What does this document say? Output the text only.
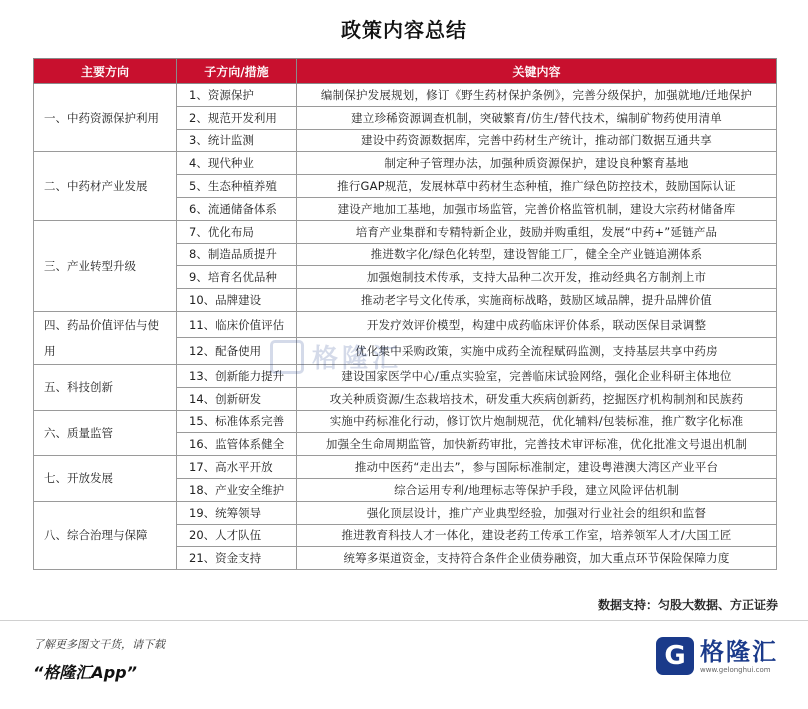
政策内容总结
主要方向	子方向/措施	关键内容
一、中药资源保护利用	1、资源保护	编制保护发展规划，修订《野生药材保护条例》，完善分级保护，加强就地/迁地保护
	2、规范开发利用	建立珍稀资源调查机制，突破繁育/仿生/替代技术，编制矿物药使用清单
	3、统计监测	建设中药资源数据库，完善中药材生产统计，推动部门数据互通共享
二、中药材产业发展	4、现代种业	制定种子管理办法，加强种质资源保护，建设良种繁育基地
	5、生态种植养殖	推行GAP规范，发展林草中药材生态种植，推广绿色防控技术，鼓励国际认证
	6、流通储备体系	建设产地加工基地，加强市场监管，完善价格监管机制，建设大宗药材储备库
三、产业转型升级	7、优化布局	培育产业集群和专精特新企业，鼓励并购重组，发展“中药+”延链产品
	8、制造品质提升	推进数字化/绿色化转型，建设智能工厂，健全全产业链追溯体系
	9、培育名优品种	加强炮制技术传承，支持大品种二次开发，推动经典名方制剂上市
	10、品牌建设	推动老字号文化传承，实施商标战略，鼓励区域品牌，提升品牌价值
四、药品价值评估与使用	11、临床价值评估	开发疗效评价模型，构建中成药临床评价体系，联动医保目录调整
	12、配备使用	优化集中采购政策，实施中成药全流程赋码监测，支持基层共享中药房
五、科技创新	13、创新能力提升	建设国家医学中心/重点实验室，完善临床试验网络，强化企业科研主体地位
	14、创新研发	攻关种质资源/生态栽培技术，研发重大疾病创新药，挖掘医疗机构制剂和民族药
六、质量监管	15、标准体系完善	实施中药标准化行动，修订饮片炮制规范，优化辅料/包装标准，推广数字化标准
	16、监管体系健全	加强全生命周期监管，加快新药审批，完善技术审评标准，优化批准文号退出机制
七、开放发展	17、高水平开放	推动中医药“走出去”，参与国际标准制定，建设粤港澳大湾区产业平台
	18、产业安全维护	综合运用专利/地理标志等保护手段，建立风险评估机制
八、综合治理与保障	19、统筹领导	强化顶层设计，推广产业典型经验，加强对行业社会的组织和监督
	20、人才队伍	推进教育科技人才一体化，建设老药工传承工作室，培养领军人才/大国工匠
	21、资金支持	统筹多渠道资金，支持符合条件企业债券融资，加大重点环节保险保障力度
格隆汇
数据支持：匀股大数据、方正证券
了解更多图文干货，请下载
“格隆汇App”
G 格隆汇
www.gelonghui.com
